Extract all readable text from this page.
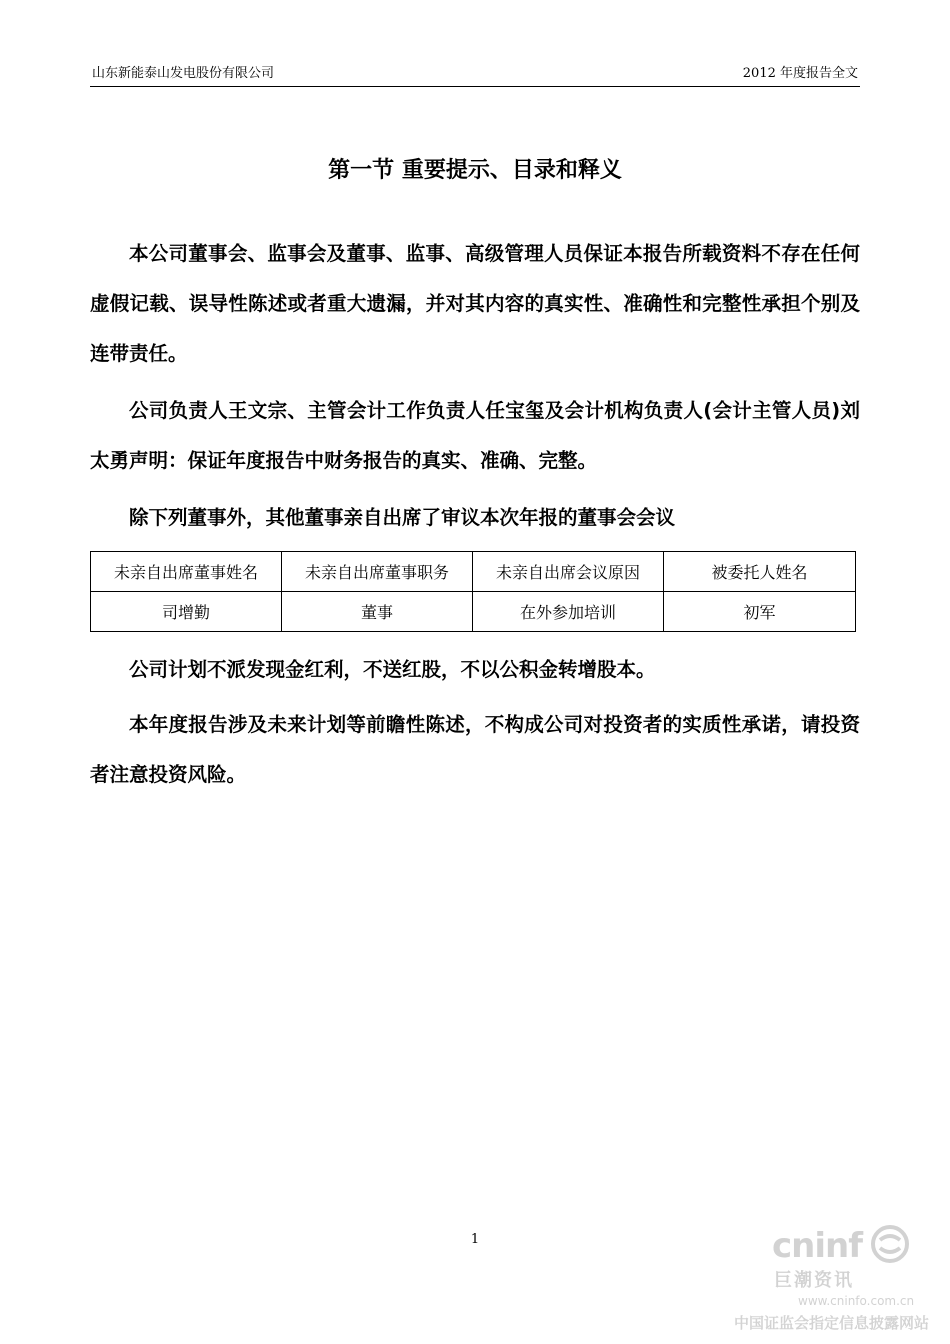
山东新能泰山发电股份有限公司	2012 年度报告全文
第一节 重要提示、目录和释义
本公司董事会、监事会及董事、监事、高级管理人员保证本报告所载资料不存在任何虚假记载、误导性陈述或者重大遗漏，并对其内容的真实性、准确性和完整性承担个别及连带责任。
公司负责人王文宗、主管会计工作负责人任宝玺及会计机构负责人(会计主管人员)刘太勇声明：保证年度报告中财务报告的真实、准确、完整。
除下列董事外，其他董事亲自出席了审议本次年报的董事会会议
未亲自出席董事姓名	未亲自出席董事职务	未亲自出席会议原因	被委托人姓名
司增勤	董事	在外参加培训	初军
公司计划不派发现金红利，不送红股，不以公积金转增股本。
本年度报告涉及未来计划等前瞻性陈述，不构成公司对投资者的实质性承诺，请投资者注意投资风险。
1	cninf
巨潮资讯
www.cninfo.com.cn
中国证监会指定信息披露网站
